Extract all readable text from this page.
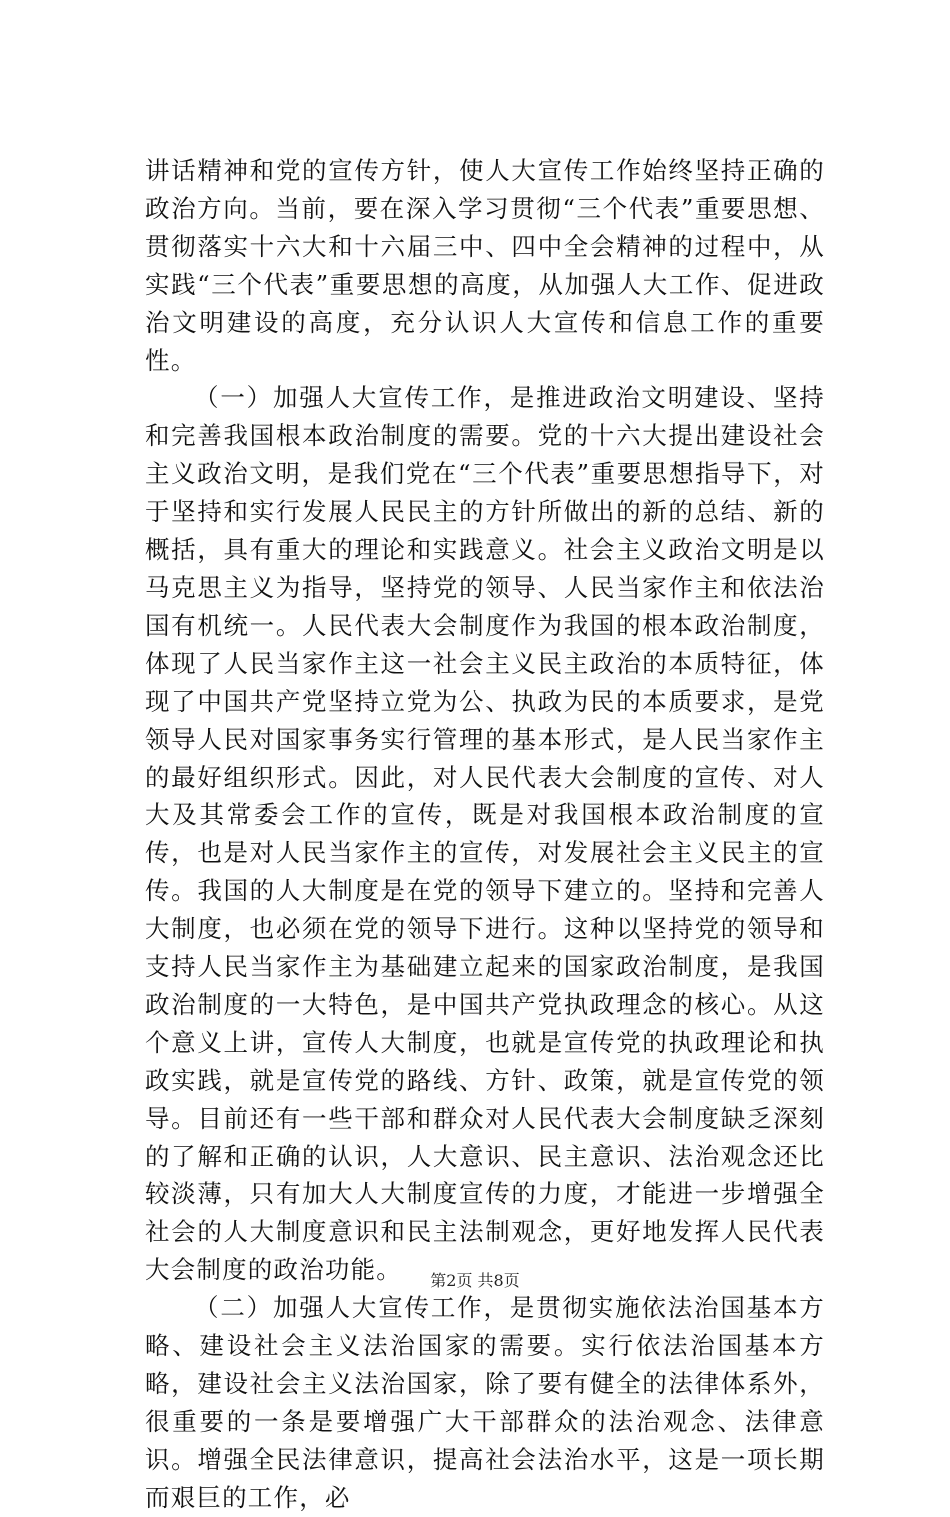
讲话精神和党的宣传方针，使人大宣传工作始终坚持正确的政治方向。当前，要在深入学习贯彻“三个代表”重要思想、贯彻落实十六大和十六届三中、四中全会精神的过程中，从实践“三个代表”重要思想的高度，从加强人大工作、促进政治文明建设的高度，充分认识人大宣传和信息工作的重要性。

（一）加强人大宣传工作，是推进政治文明建设、坚持和完善我国根本政治制度的需要。党的十六大提出建设社会主义政治文明，是我们党在“三个代表”重要思想指导下，对于坚持和实行发展人民民主的方针所做出的新的总结、新的概括，具有重大的理论和实践意义。社会主义政治文明是以马克思主义为指导，坚持党的领导、人民当家作主和依法治国有机统一。人民代表大会制度作为我国的根本政治制度，体现了人民当家作主这一社会主义民主政治的本质特征，体现了中国共产党坚持立党为公、执政为民的本质要求，是党领导人民对国家事务实行管理的基本形式，是人民当家作主的最好组织形式。因此，对人民代表大会制度的宣传、对人大及其常委会工作的宣传，既是对我国根本政治制度的宣传，也是对人民当家作主的宣传，对发展社会主义民主的宣传。我国的人大制度是在党的领导下建立的。坚持和完善人大制度，也必须在党的领导下进行。这种以坚持党的领导和支持人民当家作主为基础建立起来的国家政治制度，是我国政治制度的一大特色，是中国共产党执政理念的核心。从这个意义上讲，宣传人大制度，也就是宣传党的执政理论和执政实践，就是宣传党的路线、方针、政策，就是宣传党的领导。目前还有一些干部和群众对人民代表大会制度缺乏深刻的了解和正确的认识，人大意识、民主意识、法治观念还比较淡薄，只有加大人大制度宣传的力度，才能进一步增强全社会的人大制度意识和民主法制观念，更好地发挥人民代表大会制度的政治功能。

（二）加强人大宣传工作，是贯彻实施依法治国基本方略、建设社会主义法治国家的需要。实行依法治国基本方略，建设社会主义法治国家，除了要有健全的法律体系外，很重要的一条是要增强广大干部群众的法治观念、法律意识。增强全民法律意识，提高社会法治水平，这是一项长期而艰巨的工作，必

第2页 共8页
